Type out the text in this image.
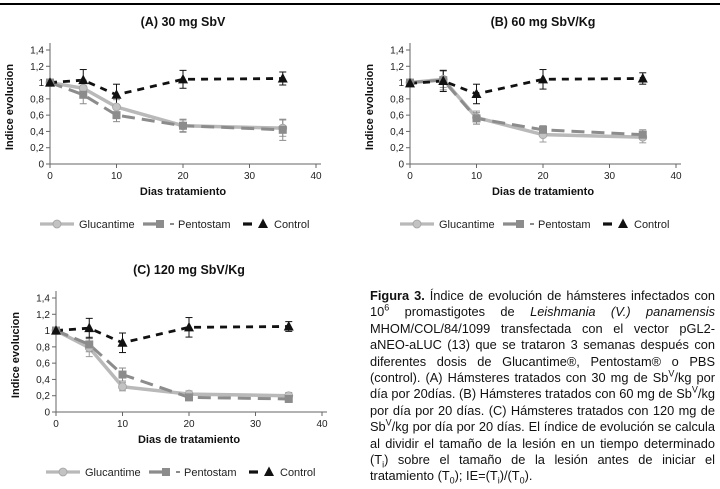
(A) 30 mg SbV
0
0,2
0,4
0,6
0,8
1
1,2
1,4
0	10	20	30	40
Dias tratamiento
Indice evolucion
Glucantime	Pentostam	Control
(B) 60 mg SbV/Kg
0
0,2
0,4
0,6
0,8
1
1,2
1,4
0	10	20	30	40
Dias de tratamiento
Indice evolucion
Glucantime	Pentostam	Control
(C) 120 mg SbV/Kg
0
0,2
0,4
0,6
0,8
1
1,2
1,4
0	10	20	30	40
Dias de tratamiento
Indice evolucion
Glucantime	Pentostam	Control
Figura 3. Índice de evolución de hámsteres infectados con $10^6$ promastigotes de Leishmania (V.) panamensis MHOM/COL/84/1099 transfectada con el vector pGL2-aNEO-aLUC (13) que se trataron 3 semanas después con diferentes dosis de Glucantime®, Pentostam® o PBS (control). (A) Hámsteres tratados con 30 mg de $Sb^V/kg$ por día por 20días. (B) Hámsteres tratados con 60 mg de $Sb^V/kg$ por día por 20 días. (C) Hámsteres tratados con 120 mg de $Sb^V/kg$ por día por 20 días. El índice de evolución se calcula al dividir el tamaño de la lesión en un tiempo determinado $(T_i)$ sobre el tamaño de la lesión antes de iniciar el tratamiento $(T_0)$; $IE=(T_i)/(T_0)$.
